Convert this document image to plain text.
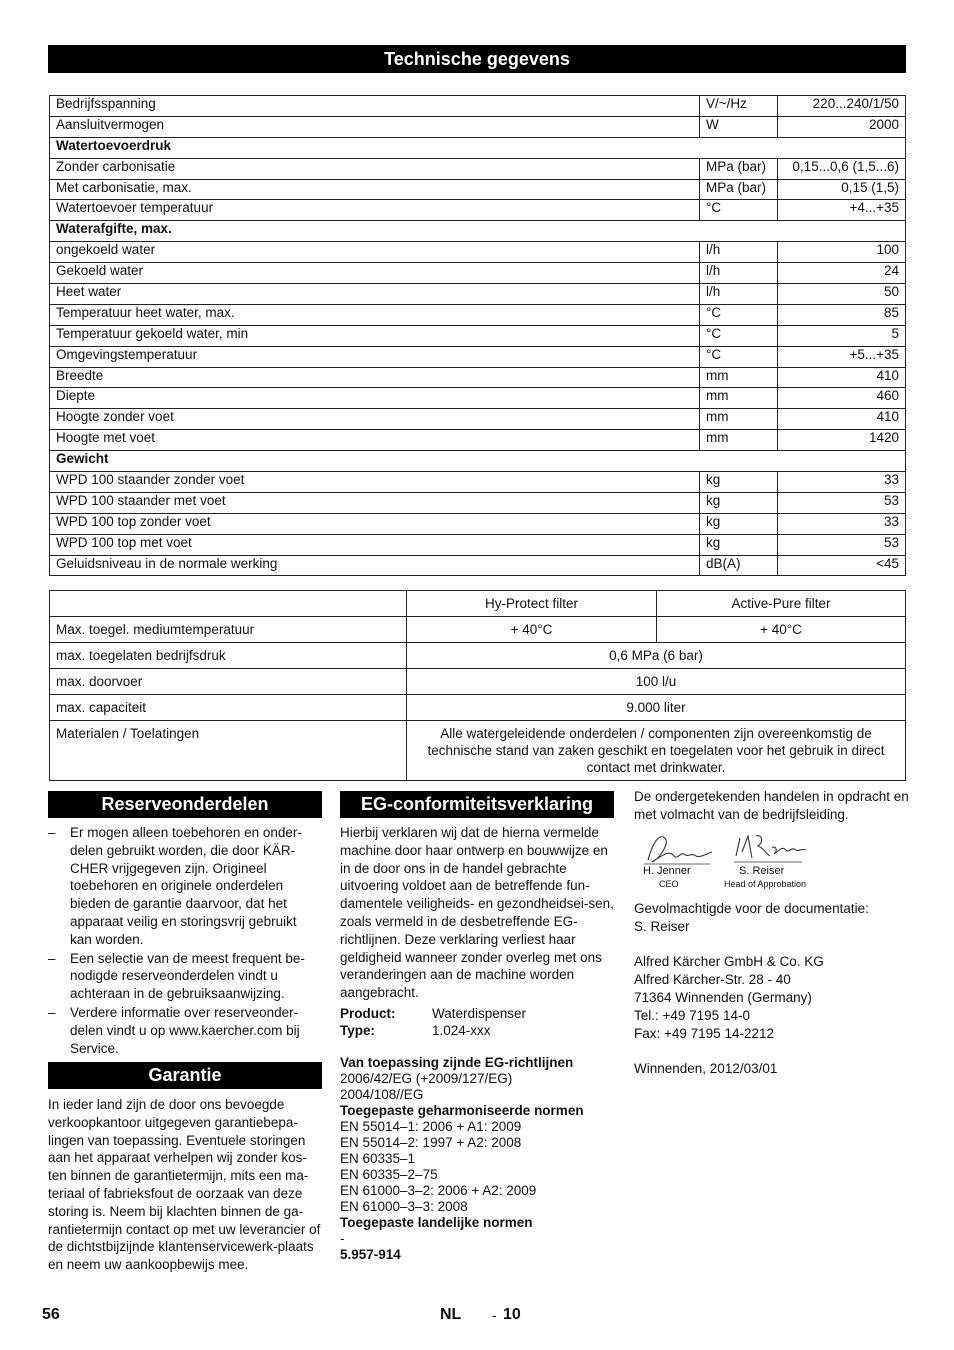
Technische gegevens
Bedrijfsspanning	V/~/Hz	220...240/1/50
Aansluitvermogen	W	2000
Watertoevoerdruk		
Zonder carbonisatie	MPa (bar)	0,15...0,6 (1,5...6)
Met carbonisatie, max.	MPa (bar)	0,15 (1,5)
Watertoevoer temperatuur	°C	+4...+35
Waterafgifte, max.		
ongekoeld water	l/h	100
Gekoeld water	l/h	24
Heet water	l/h	50
Temperatuur heet water, max.	°C	85
Temperatuur gekoeld water, min	°C	5
Omgevingstemperatuur	°C	+5...+35
Breedte	mm	410
Diepte	mm	460
Hoogte zonder voet	mm	410
Hoogte met voet	mm	1420
Gewicht		
WPD 100 staander zonder voet	kg	33
WPD 100 staander met voet	kg	53
WPD 100 top zonder voet	kg	33
WPD 100 top met voet	kg	53
Geluidsniveau in de normale werking	dB(A)	<45
	Hy-Protect filter	Active-Pure filter
Max. toegel. mediumtemperatuur	+ 40°C	+ 40°C
max. toegelaten bedrijfsdruk	0,6 MPa (6 bar)	
max. doorvoer	100 l/u	
max. capaciteit	9.000 liter	
Materialen / Toelatingen	Alle watergeleidende onderdelen / componenten zijn overeenkomstig de technische stand van zaken geschikt en toegelaten voor het gebruik in direct contact met drinkwater.	
Reserveonderdelen
– Er mogen alleen toebehoren en onder-delen gebruikt worden, die door KÄR-CHER vrijgegeven zijn. Origineel toebehoren en originele onderdelen bieden de garantie daarvoor, dat het apparaat veilig en storingsvrij gebruikt kan worden.
– Een selectie van de meest frequent be-nodigde reserveonderdelen vindt u achteraan in de gebruiksaanwijzing.
– Verdere informatie over reserveonder-delen vindt u op www.kaercher.com bij Service.
Garantie
In ieder land zijn de door ons bevoegde verkoopkantoor uitgegeven garantiebepa-lingen van toepassing. Eventuele storingen aan het apparaat verhelpen wij zonder kos-ten binnen de garantietermijn, mits een ma-teriaal of fabrieksfout de oorzaak van deze storing is. Neem bij klachten binnen de ga-rantietermijn contact op met uw leverancier of de dichtstbijzijnde klantenservicewerk-plaats en neem uw aankoopbewijs mee.
EG-conformiteitsverklaring
Hierbij verklaren wij dat de hierna vermelde machine door haar ontwerp en bouwwijze en in de door ons in de handel gebrachte uitvoering voldoet aan de betreffende fun-damentele veiligheids- en gezondheidsei-sen, zoals vermeld in de desbetreffende EG-richtlijnen. Deze verklaring verliest haar geldigheid wanneer zonder overleg met ons veranderingen aan de machine worden aangebracht.
Product:	Waterdispenser
Type:	1.024-xxx
Van toepassing zijnde EG-richtlijnen
2006/42/EG (+2009/127/EG)
2004/108//EG
Toegepaste geharmoniseerde normen
EN 55014–1: 2006 + A1: 2009
EN 55014–2: 1997 + A2: 2008
EN 60335–1
EN 60335–2–75
EN 61000–3–2: 2006 + A2: 2009
EN 61000–3–3: 2008
Toegepaste landelijke normen
-
5.957-914
De ondergetekenden handelen in opdracht en met volmacht van de bedrijfsleiding.
H. Jenner
CEO
S. Reiser
Head of Approbation
Gevolmachtigde voor de documentatie:
S. Reiser
Alfred Kärcher GmbH & Co. KG
Alfred Kärcher-Str. 28 - 40
71364 Winnenden (Germany)
Tel.: +49 7195 14-0
Fax: +49 7195 14-2212
Winnenden, 2012/03/01
56	NL - 10
